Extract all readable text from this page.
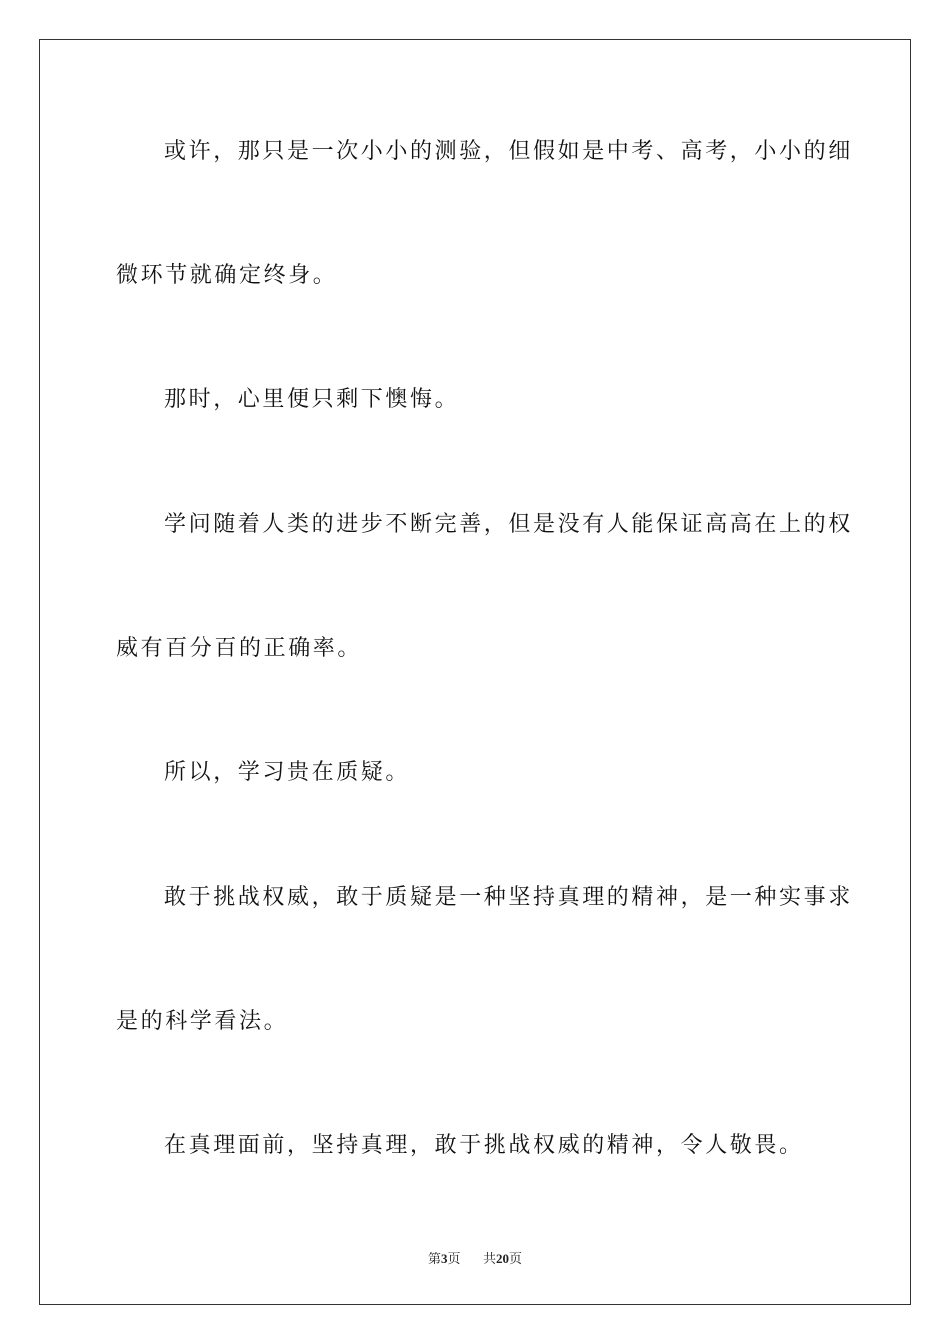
或许，那只是一次小小的测验，但假如是中考、高考，小小的细
微环节就确定终身。
那时，心里便只剩下懊悔。
学问随着人类的进步不断完善，但是没有人能保证高高在上的权
威有百分百的正确率。
所以，学习贵在质疑。
敢于挑战权威，敢于质疑是一种坚持真理的精神，是一种实事求
是的科学看法。
在真理面前，坚持真理，敢于挑战权威的精神，令人敬畏。
第3页 共20页
